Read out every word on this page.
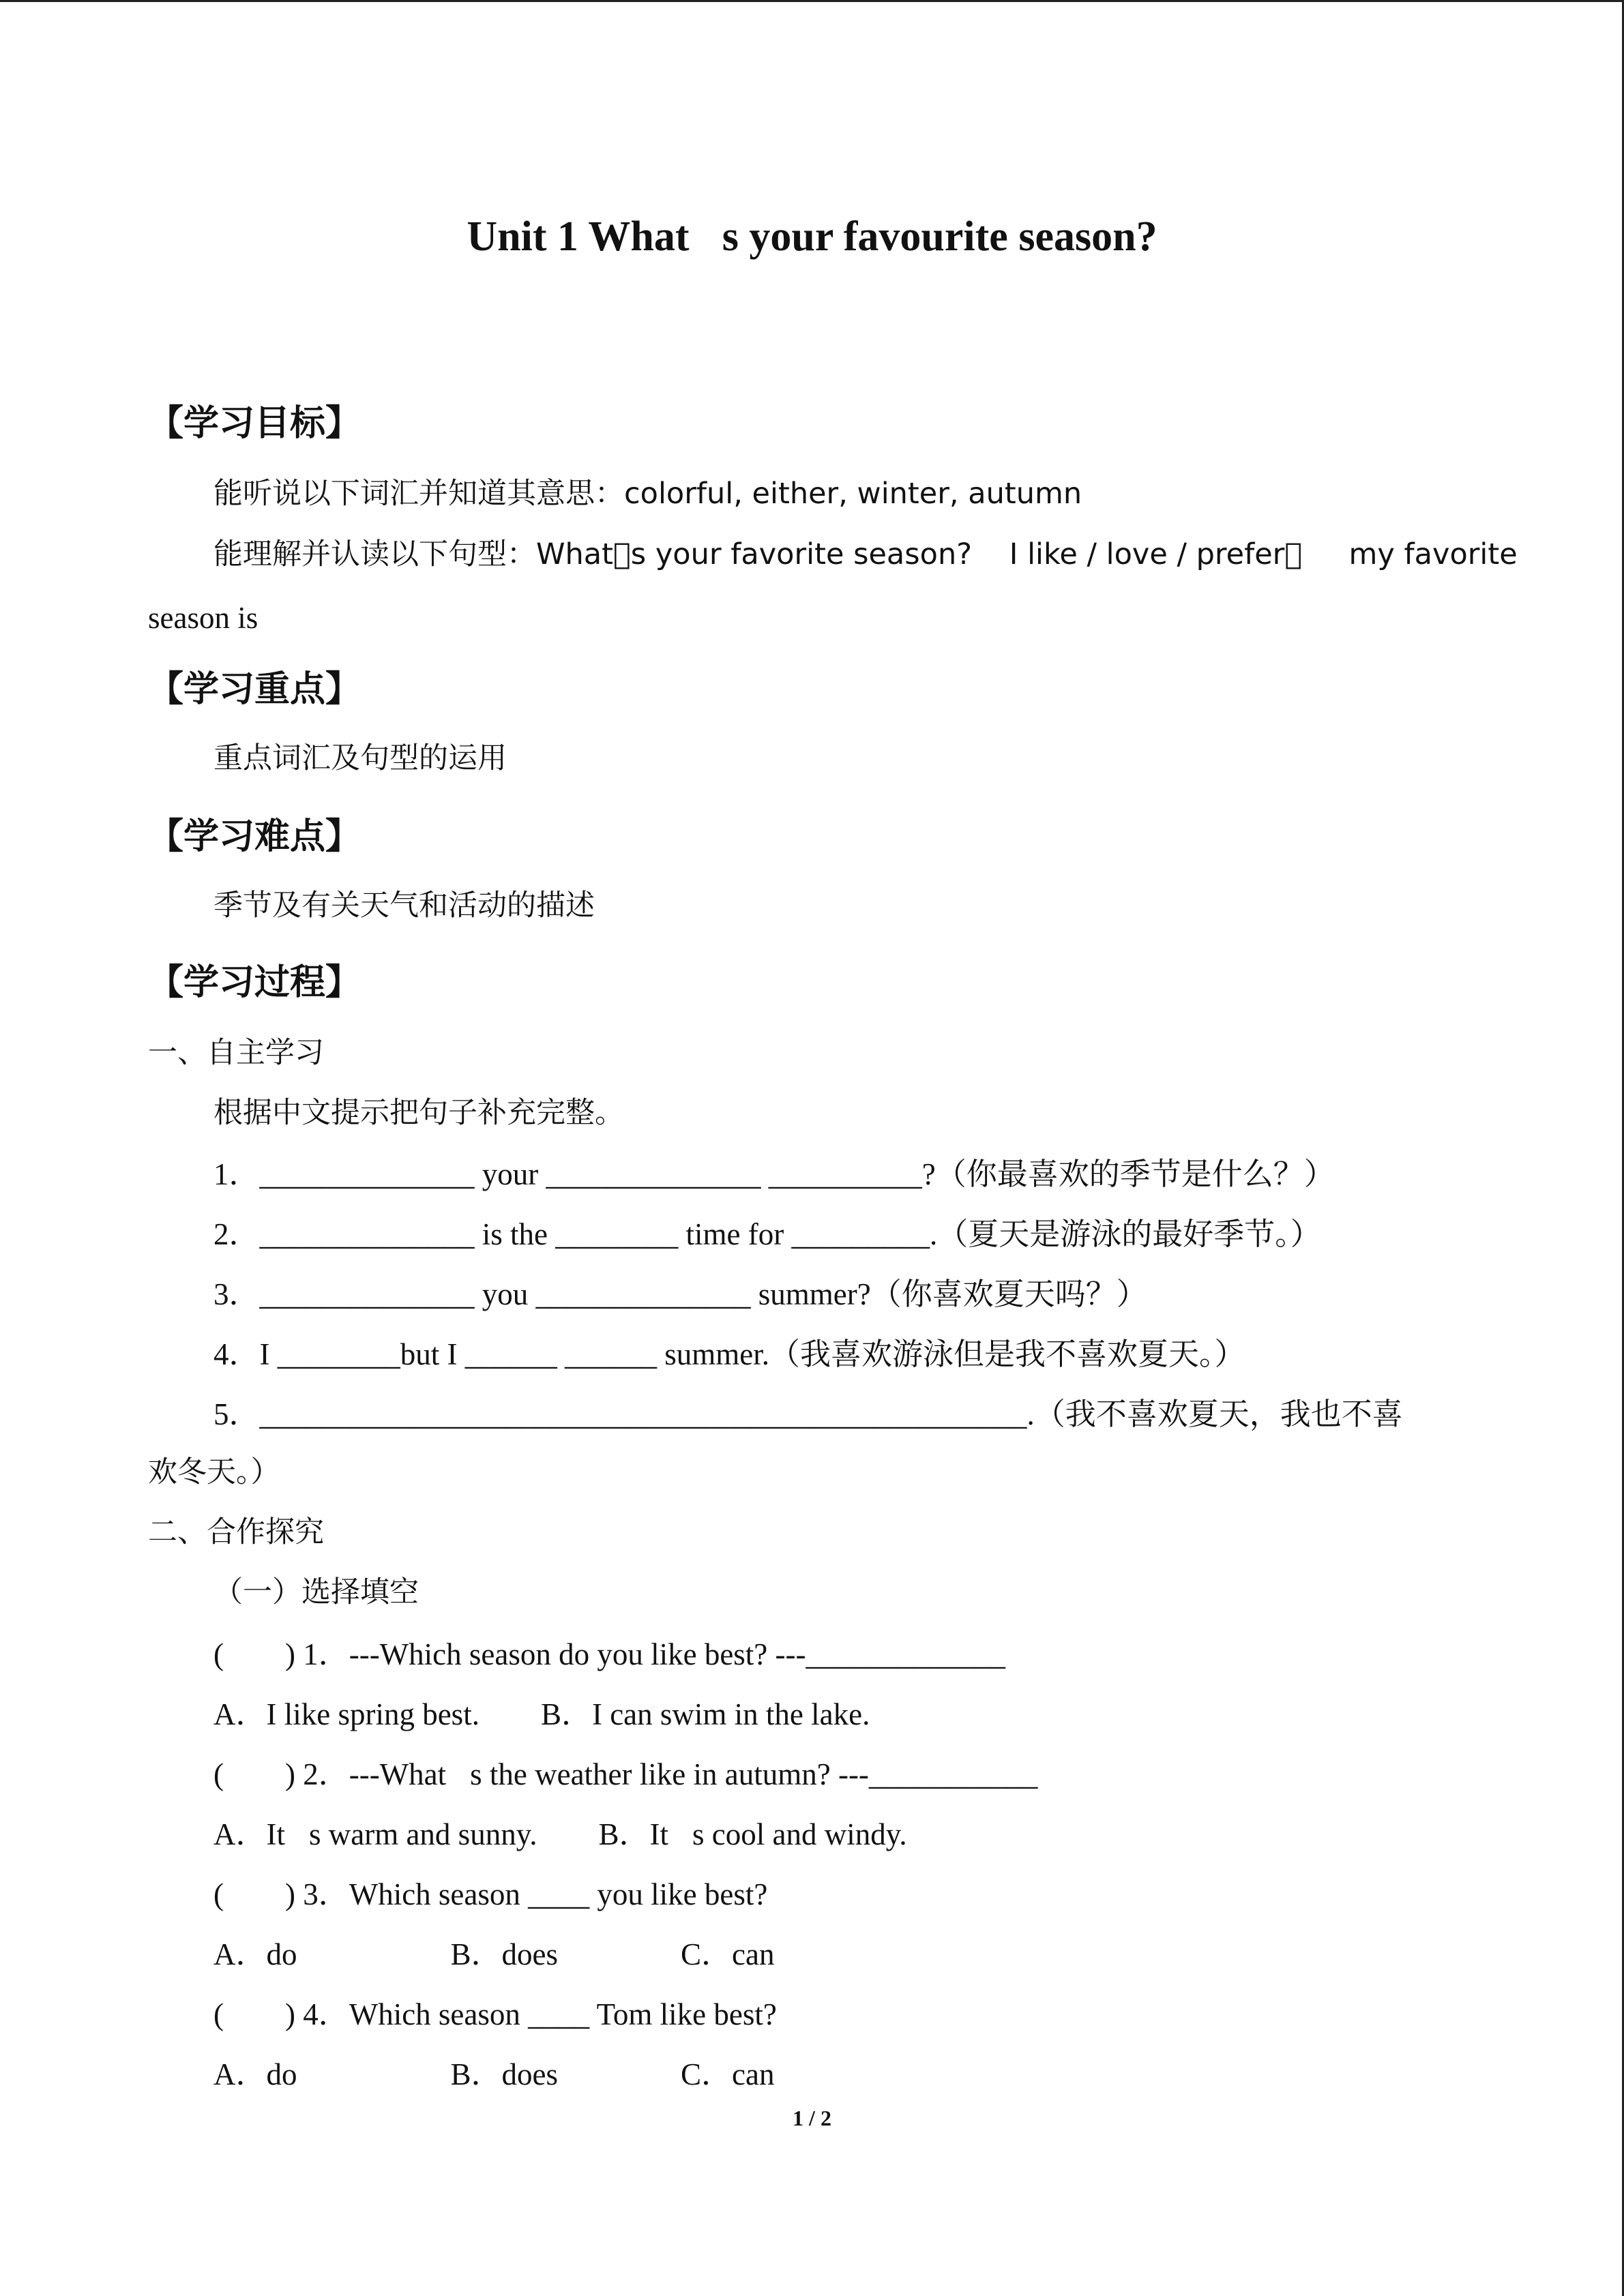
Unit 1 What s your favourite season?
【学习目标】
能听说以下词汇并知道其意思：colorful, either, winter, autumn
能理解并认读以下句型：What s your favorite season?    I like / love / prefer      my favorite
season is 
【学习重点】
重点词汇及句型的运用
【学习难点】
季节及有关天气和活动的描述
【学习过程】
一、自主学习
根据中文提示把句子补充完整。
1．______________ your ______________ __________?（你最喜欢的季节是什么？）
2．______________ is the ________ time for _________.（夏天是游泳的最好季节。）
3．______________ you ______________ summer?（你喜欢夏天吗？）
4．I ________but I ______ ______ summer.（我喜欢游泳但是我不喜欢夏天。）
5．__________________________________________________.（我不喜欢夏天，我也不喜
欢冬天。）
二、合作探究
（一）选择填空
(        ) 1．---Which season do you like best? ---_____________
A．I like spring best.        B．I can swim in the lake.
(        ) 2．---What s the weather like in autumn? ---___________
A．It s warm and sunny.        B．It s cool and windy.
(        ) 3．Which season ____ you like best?
A．do                    B．does                C．can
(        ) 4．Which season ____ Tom like best?
A．do                    B．does                C．can
1 / 2
